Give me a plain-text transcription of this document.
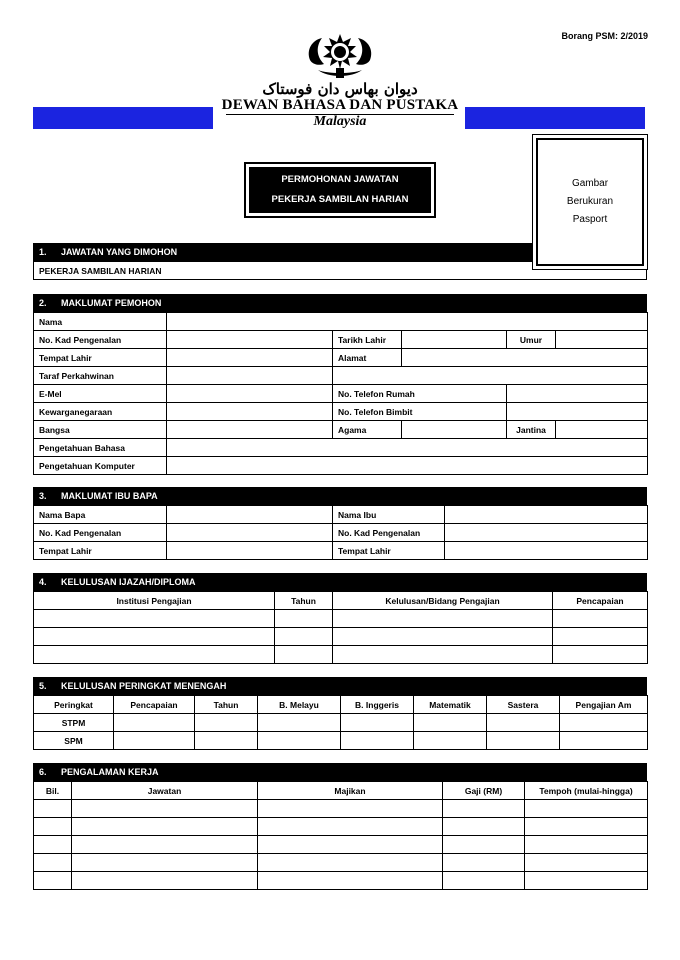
Borang PSM: 2/2019
ديوان بهاس دان فوستاک
DEWAN BAHASA DAN PUSTAKA
Malaysia
PERMOHONAN JAWATAN
PEKERJA SAMBILAN HARIAN
1. JAWATAN YANG DIMOHON
PEKERJA SAMBILAN HARIAN
Gambar
Berukuran
Pasport
2. MAKLUMAT PEMOHON
Nama					
No. Kad Pengenalan		Tarikh Lahir		Umur	
Tempat Lahir		Alamat			
Taraf Perkahwinan					
E-Mel		No. Telefon Rumah			
Kewarganegaraan		No. Telefon Bimbit			
Bangsa		Agama		Jantina	
Pengetahuan Bahasa					
Pengetahuan Komputer					
3. MAKLUMAT IBU BAPA
Nama Bapa		Nama Ibu	
No. Kad Pengenalan		No. Kad Pengenalan	
Tempat Lahir		Tempat Lahir	
4. KELULUSAN IJAZAH/DIPLOMA
Institusi Pengajian	Tahun	Kelulusan/Bidang Pengajian	Pencapaian

5. KELULUSAN PERINGKAT MENENGAH
Peringkat	Pencapaian	Tahun	B. Melayu	B. Inggeris	Matematik	Sastera	Pengajian Am
STPM							
SPM							
6. PENGALAMAN KERJA
Bil.	Jawatan	Majikan	Gaji (RM)	Tempoh (mulai-hingga)
